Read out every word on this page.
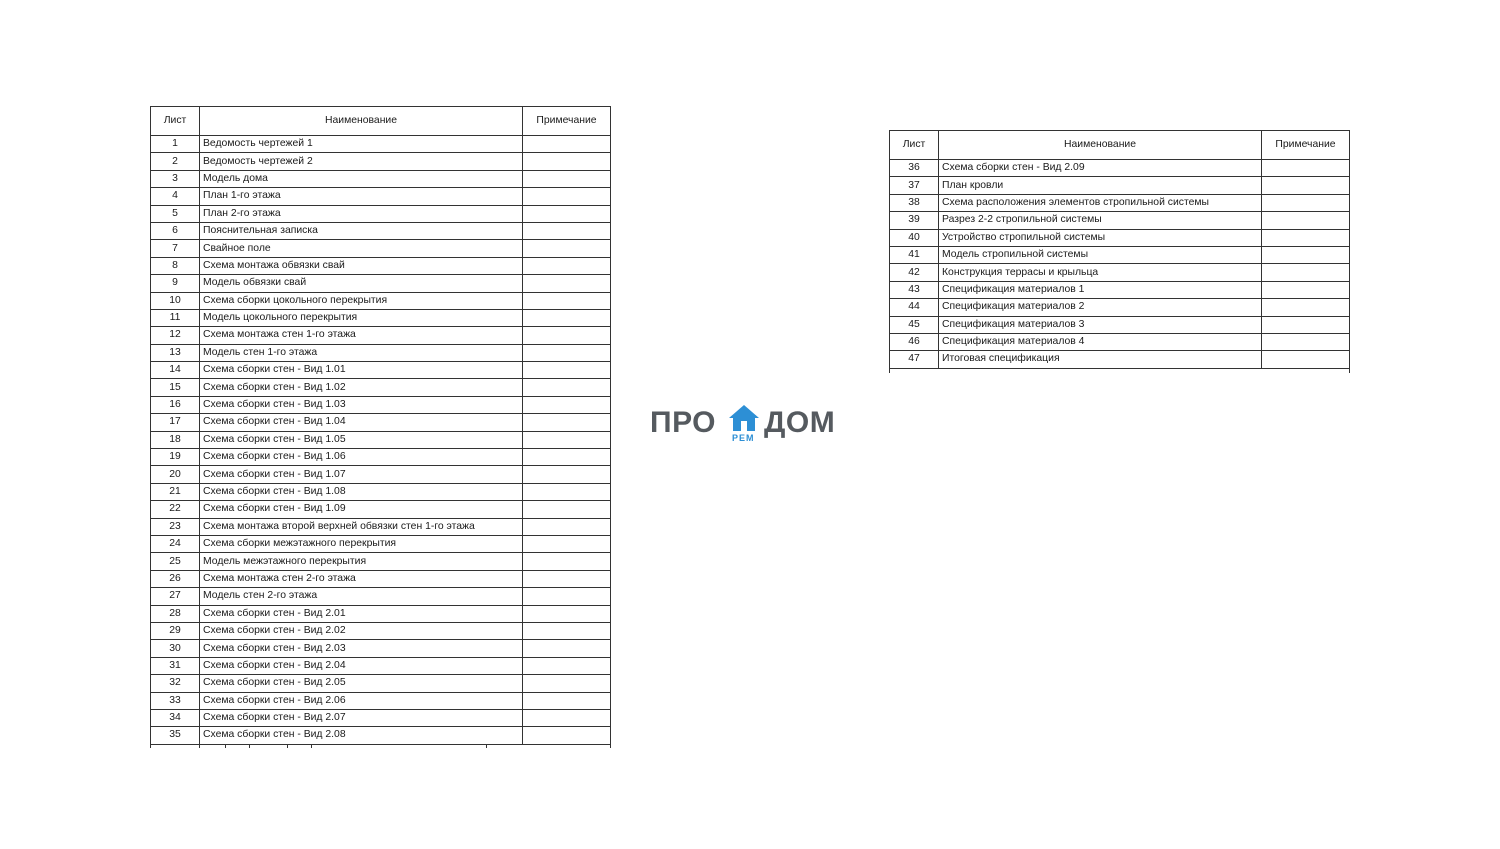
Лист	Наименование	Примечание
1	Ведомость чертежей 1	
2	Ведомость чертежей 2	
3	Модель дома	
4	План 1-го этажа	
5	План 2-го этажа	
6	Пояснительная записка	
7	Свайное поле	
8	Схема монтажа обвязки свай	
9	Модель обвязки свай	
10	Схема сборки цокольного перекрытия	
11	Модель цокольного перекрытия	
12	Схема монтажа стен 1-го этажа	
13	Модель стен 1-го этажа	
14	Схема сборки стен - Вид 1.01	
15	Схема сборки стен - Вид 1.02	
16	Схема сборки стен - Вид 1.03	
17	Схема сборки стен - Вид 1.04	
18	Схема сборки стен - Вид 1.05	
19	Схема сборки стен - Вид 1.06	
20	Схема сборки стен - Вид 1.07	
21	Схема сборки стен - Вид 1.08	
22	Схема сборки стен - Вид 1.09	
23	Схема монтажа второй верхней обвязки стен 1-го этажа	
24	Схема сборки межэтажного перекрытия	
25	Модель межэтажного перекрытия	
26	Схема монтажа стен 2-го этажа	
27	Модель стен 2-го этажа	
28	Схема сборки стен - Вид 2.01	
29	Схема сборки стен - Вид 2.02	
30	Схема сборки стен - Вид 2.03	
31	Схема сборки стен - Вид 2.04	
32	Схема сборки стен - Вид 2.05	
33	Схема сборки стен - Вид 2.06	
34	Схема сборки стен - Вид 2.07	
35	Схема сборки стен - Вид 2.08	
Лист	Наименование	Примечание
36	Схема сборки стен - Вид 2.09	
37	План кровли	
38	Схема расположения элементов стропильной системы	
39	Разрез 2-2 стропильной системы	
40	Устройство стропильной системы	
41	Модель стропильной системы	
42	Конструкция террасы и крыльца	
43	Спецификация материалов 1	
44	Спецификация материалов 2	
45	Спецификация материалов 3	
46	Спецификация материалов 4	
47	Итоговая спецификация	
ПРО РЕМ ДОМ
